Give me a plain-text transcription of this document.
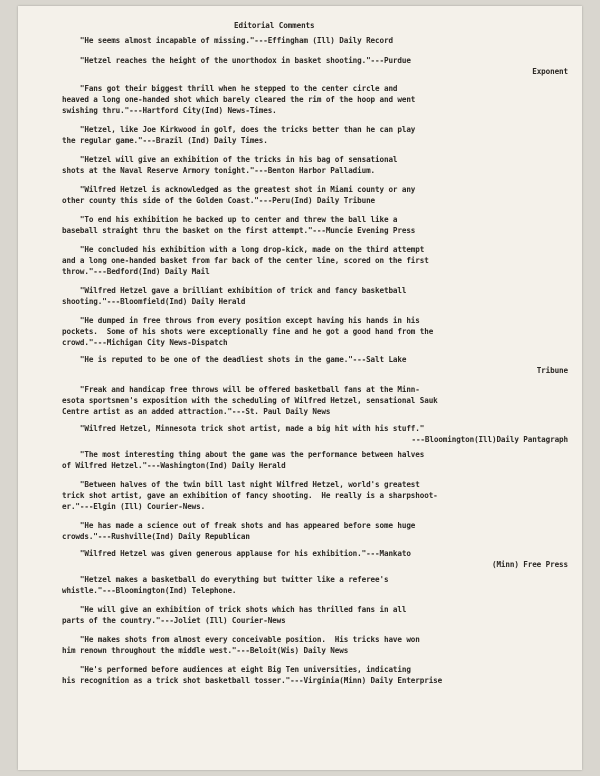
Editorial Comments
"He seems almost incapable of missing."---Effingham (Ill) Daily Record
"Hetzel reaches the height of the unorthodox in basket shooting."---Purdue
Exponent
"Fans got their biggest thrill when he stepped to the center circle and
heaved a long one-handed shot which barely cleared the rim of the hoop and went
swishing thru."---Hartford City(Ind) News-Times.
"Hetzel, like Joe Kirkwood in golf, does the tricks better than he can play
the regular game."---Brazil (Ind) Daily Times.
"Hetzel will give an exhibition of the tricks in his bag of sensational
shots at the Naval Reserve Armory tonight."---Benton Harbor Palladium.
"Wilfred Hetzel is acknowledged as the greatest shot in Miami county or any
other county this side of the Golden Coast."---Peru(Ind) Daily Tribune
"To end his exhibition he backed up to center and threw the ball like a
baseball straight thru the basket on the first attempt."---Muncie Evening Press
"He concluded his exhibition with a long drop-kick, made on the third attempt
and a long one-handed basket from far back of the center line, scored on the first
throw."---Bedford(Ind) Daily Mail
"Wilfred Hetzel gave a brilliant exhibition of trick and fancy basketball
shooting."---Bloomfield(Ind) Daily Herald
"He dumped in free throws from every position except having his hands in his
pockets.  Some of his shots were exceptionally fine and he got a good hand from the
crowd."---Michigan City News-Dispatch
"He is reputed to be one of the deadliest shots in the game."---Salt Lake
Tribune
"Freak and handicap free throws will be offered basketball fans at the Minn-
esota sportsmen's exposition with the scheduling of Wilfred Hetzel, sensational Sauk
Centre artist as an added attraction."---St. Paul Daily News
"Wilfred Hetzel, Minnesota trick shot artist, made a big hit with his stuff."
---Bloomington(Ill)Daily Pantagraph
"The most interesting thing about the game was the performance between halves
of Wilfred Hetzel."---Washington(Ind) Daily Herald
"Between halves of the twin bill last night Wilfred Hetzel, world's greatest
trick shot artist, gave an exhibition of fancy shooting.  He really is a sharpshoot-
er."---Elgin (Ill) Courier-News.
"He has made a science out of freak shots and has appeared before some huge
crowds."---Rushville(Ind) Daily Republican
"Wilfred Hetzel was given generous applause for his exhibition."---Mankato
(Minn) Free Press
"Hetzel makes a basketball do everything but twitter like a referee's
whistle."---Bloomington(Ind) Telephone.
"He will give an exhibition of trick shots which has thrilled fans in all
parts of the country."---Joliet (Ill) Courier-News
"He makes shots from almost every conceivable position.  His tricks have won
him renown throughout the middle west."---Beloit(Wis) Daily News
"He's performed before audiences at eight Big Ten universities, indicating
his recognition as a trick shot basketball tosser."---Virginia(Minn) Daily Enterprise
